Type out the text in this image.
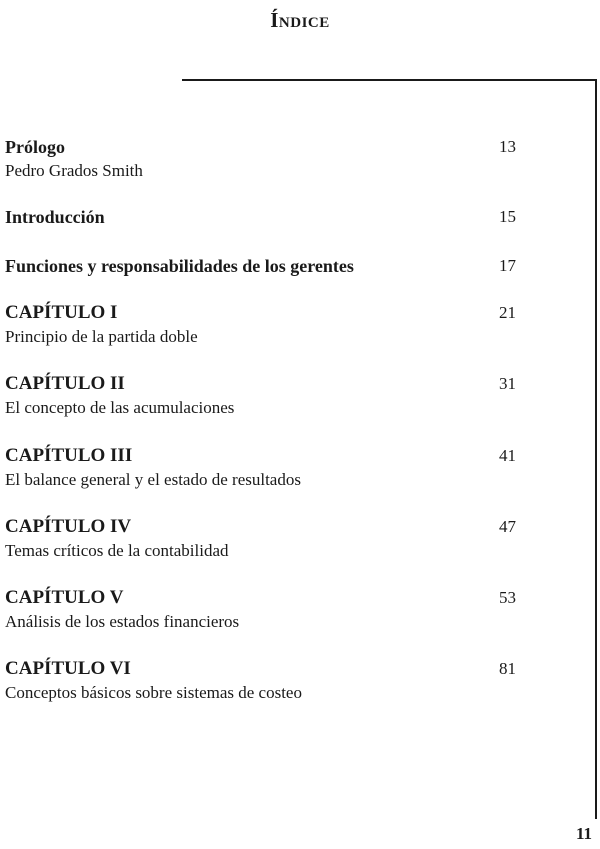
Índice
Prólogo
Pedro Grados Smith
13
Introducción	15
Funciones y responsabilidades de los gerentes	17
CAPÍTULO I
Principio de la partida doble
21
CAPÍTULO II
El concepto de las acumulaciones
31
CAPÍTULO III
El balance general y el estado de resultados
41
CAPÍTULO IV
Temas críticos de la contabilidad
47
CAPÍTULO V
Análisis de los estados financieros
53
CAPÍTULO VI
Conceptos básicos sobre sistemas de costeo
81
11
